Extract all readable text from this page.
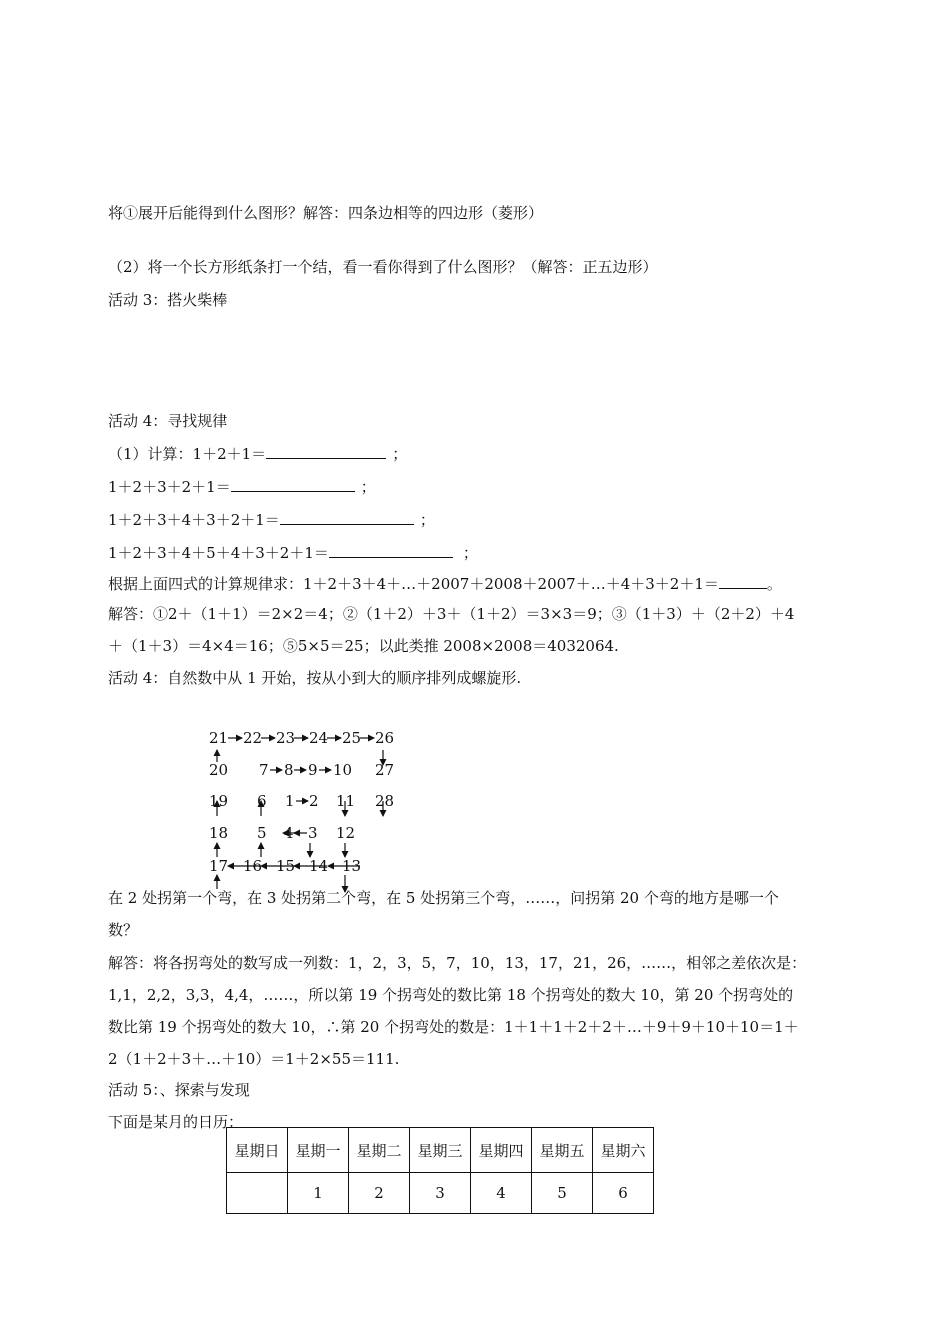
将①展开后能得到什么图形？解答：四条边相等的四边形（菱形）
（2）将一个长方形纸条打一个结，看一看你得到了什么图形？（解答：正五边形）
活动 3：搭火柴棒
活动 4：寻找规律
（1）计算：1＋2＋1＝	；
1＋2＋3＋2＋1＝	；
1＋2＋3＋4＋3＋2＋1＝	；
1＋2＋3＋4＋5＋4＋3＋2＋1＝	；
根据上面四式的计算规律求：1＋2＋3＋4＋…＋2007＋2008＋2007＋…＋4＋3＋2＋1＝	。
解答：①2＋（1＋1）＝2×2＝4；②（1＋2）＋3＋（1＋2）＝3×3＝9；③（1＋3）＋（2＋2）＋4
＋（1＋3）＝4×4＝16；⑤5×5＝25；以此类推 2008×2008＝4032064.
活动 4：自然数中从 1 开始，按从小到大的顺序排列成螺旋形.
21 22 23 24 25 26
20 7 8 9 10 27
19 6 1 2 11 28
18 5 4 3 12
17 16 15 14 13
在 2 处拐第一个弯，在 3 处拐第二个弯，在 5 处拐第三个弯，……，问拐第 20 个弯的地方是哪一个
数？
解答：将各拐弯处的数写成一列数：1，2，3，5，7，10，13，17，21，26，……，相邻之差依次是：
1,1，2,2，3,3，4,4，……，所以第 19 个拐弯处的数比第 18 个拐弯处的数大 10，第 20 个拐弯处的
数比第 19 个拐弯处的数大 10，∴第 20 个拐弯处的数是：1＋1＋1＋2＋2＋…＋9＋9＋10＋10＝1＋
2（1＋2＋3＋…＋10）＝1＋2×55＝111.
活动 5：、探索与发现
下面是某月的日历：
星期日	星期一	星期二	星期三	星期四	星期五	星期六
	1	2	3	4	5	6
